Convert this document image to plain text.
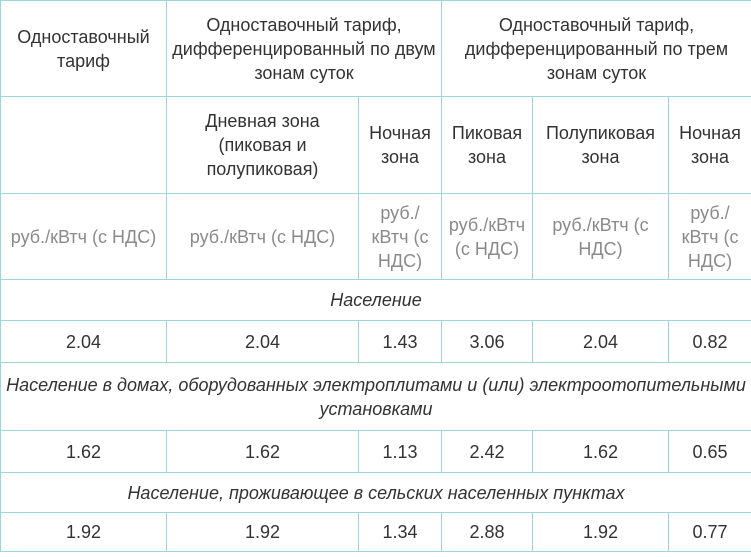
Одноставочный тариф	Одноставочный тариф, дифференцированный по двум зонам суток		Одноставочный тариф, дифференцированный по трем зонам суток		
	Дневная зона (пиковая и полупиковая)	Ночная зона	Пиковая зона	Полупиковая зона	Ночная зона
руб./кВтч (с НДС)	руб./кВтч (с НДС)	руб./ кВтч (с НДС)	руб./кВтч (с НДС)	руб./кВтч (с НДС)	руб./ кВтч (с НДС)
Население					
2.04	2.04	1.43	3.06	2.04	0.82
Население в домах, оборудованных электроплитами и (или) электроотопительными установками					
1.62	1.62	1.13	2.42	1.62	0.65
Население, проживающее в сельских населенных пунктах					
1.92	1.92	1.34	2.88	1.92	0.77
